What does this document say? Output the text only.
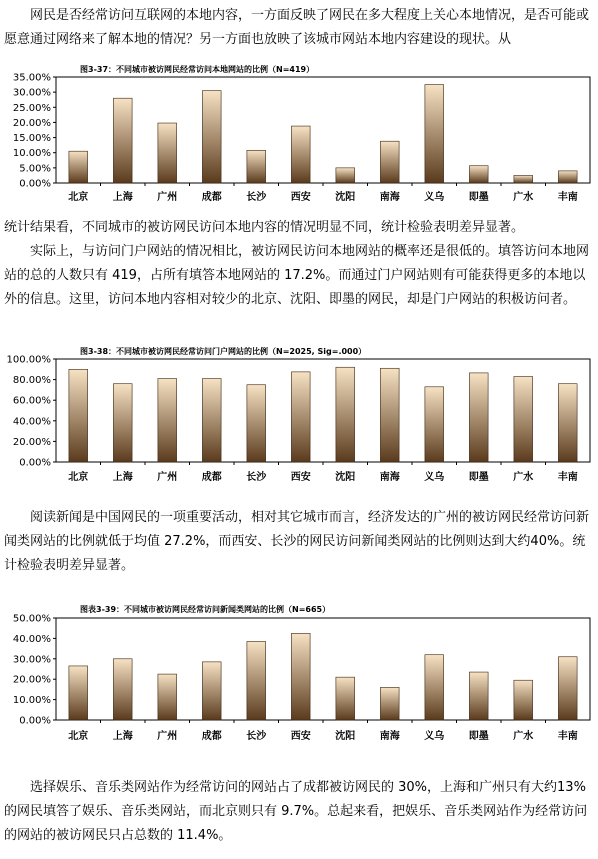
　　网民是否经常访问互联网的本地内容，一方面反映了网民在多大程度上关心本地情况，是否可能或愿意通过网络来了解本地的情况？另一方面也放映了该城市网站本地内容建设的现状。从

图3-37：不同城市被访网民经常访问本地网站的比例（N=419）
0.00%
5.00%
10.00%
15.00%
20.00%
25.00%
30.00%
35.00%
北京 上海 广州 成都 长沙 西安 沈阳 南海 义乌 即墨 广水 丰南

统计结果看，不同城市的被访网民访问本地内容的情况明显不同，统计检验表明差异显著。

　　实际上，与访问门户网站的情况相比，被访网民访问本地网站的概率还是很低的。填答访问本地网站的总的人数只有 419，占所有填答本地网站的 17.2%。而通过门户网站则有可能获得更多的本地以外的信息。这里，访问本地内容相对较少的北京、沈阳、即墨的网民，却是门户网站的积极访问者。

图3-38：不同城市被访网民经常访问门户网站的比例（N=2025, Sig=.000）
0.00%
20.00%
40.00%
60.00%
80.00%
100.00%
北京 上海 广州 成都 长沙 西安 沈阳 南海 义乌 即墨 广水 丰南

　　阅读新闻是中国网民的一项重要活动，相对其它城市而言，经济发达的广州的被访网民经常访问新闻类网站的比例就低于均值 27.2%，而西安、长沙的网民访问新闻类网站的比例则达到大约40%。统计检验表明差异显著。

图表3-39：不同城市被访网民经常访问新闻类网站的比例（N=665）
0.00%
10.00%
20.00%
30.00%
40.00%
50.00%
北京 上海 广州 成都 长沙 西安 沈阳 南海 义乌 即墨 广水 丰南

　　选择娱乐、音乐类网站作为经常访问的网站占了成都被访网民的 30%，上海和广州只有大约13%的网民填答了娱乐、音乐类网站，而北京则只有 9.7%。总起来看，把娱乐、音乐类网站作为经常访问的网站的被访网民只占总数的 11.4%。
